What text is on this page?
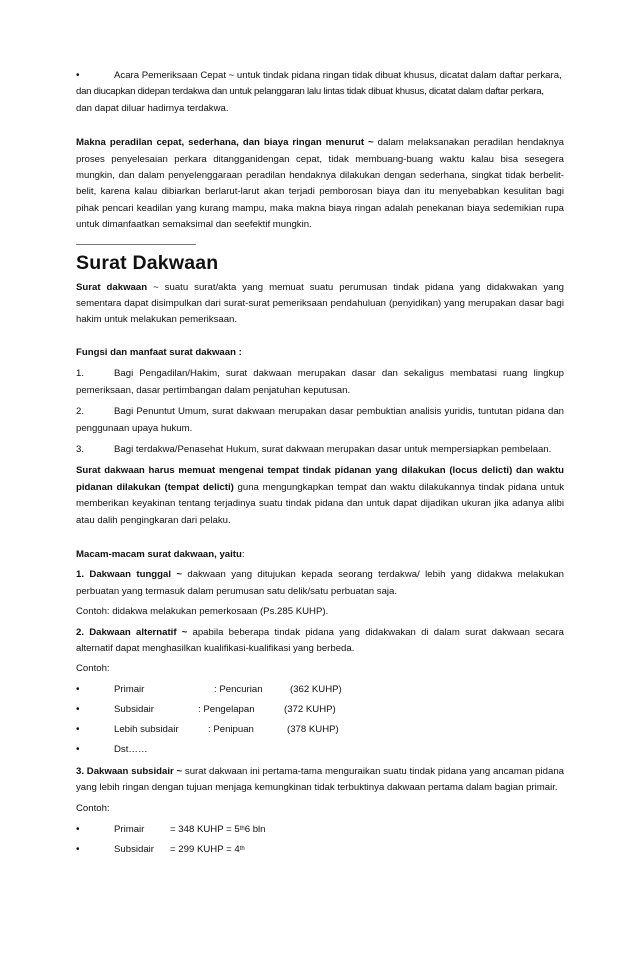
•
Acara Pemeriksaan Cepat ~ untuk tindak pidana ringan tidak dibuat khusus, dicatat dalam daftar perkara,

dan diucapkan didepan terdakwa dan untuk pelanggaran lalu lintas tidak dibuat khusus, dicatat dalam daftar perkara,

dan dapat diluar hadirnya terdakwa.

Makna peradilan cepat, sederhana, dan biaya ringan menurut ~ dalam melaksanakan peradilan hendaknya proses penyelesaian perkara ditangganidengan cepat, tidak membuang-buang waktu kalau bisa sesegera mungkin, dan dalam penyelenggaraan peradilan hendaknya dilakukan dengan sederhana, singkat tidak berbelit-belit, karena kalau dibiarkan berlarut-larut akan terjadi pemborosan biaya dan itu menyebabkan kesulitan bagi pihak pencari keadilan yang kurang mampu, maka makna biaya ringan adalah penekanan biaya sedemikian rupa untuk dimanfaatkan semaksimal dan seefektif mungkin.

Surat Dakwaan

Surat dakwaan ~ suatu surat/akta yang memuat suatu perumusan tindak pidana yang didakwakan yang sementara dapat disimpulkan dari surat-surat pemeriksaan pendahuluan (penyidikan) yang merupakan dasar bagi hakim untuk melakukan pemeriksaan.

Fungsi dan manfaat surat dakwaan :

1.	Bagi Pengadilan/Hakim, surat dakwaan merupakan dasar dan sekaligus membatasi ruang lingkup pemeriksaan, dasar pertimbangan dalam penjatuhan keputusan.

2.	Bagi Penuntut Umum, surat dakwaan merupakan dasar pembuktian analisis yuridis, tuntutan pidana dan penggunaan upaya hukum.

3.	Bagi terdakwa/Penasehat Hukum, surat dakwaan merupakan dasar untuk mempersiapkan pembelaan.

Surat dakwaan harus memuat mengenai tempat tindak pidanan yang dilakukan (locus delicti) dan waktu pidanan dilakukan (tempat delicti) guna mengungkapkan tempat dan waktu dilakukannya tindak pidana untuk memberikan keyakinan tentang terjadinya suatu tindak pidana dan untuk dapat dijadikan ukuran jika adanya alibi atau dalih pengingkaran dari pelaku.

Macam-macam surat dakwaan, yaitu:

1. Dakwaan tunggal ~ dakwaan yang ditujukan kepada seorang terdakwa/ lebih yang didakwa melakukan perbuatan yang termasuk dalam perumusan satu delik/satu perbuatan saja.

Contoh: didakwa melakukan pemerkosaan (Ps.285 KUHP).

2. Dakwaan alternatif ~ apabila beberapa tindak pidana yang didakwakan di dalam surat dakwaan secara alternatif dapat menghasilkan kualifikasi-kualifikasi yang berbeda.

Contoh:

•
Primair	: Pencurian	(362 KUHP)
•
Subsidair	: Pengelapan	(372 KUHP)
•
Lebih subsidair	: Penipuan	(378 KUHP)
•
Dst……

3. Dakwaan subsidair ~ surat dakwaan ini pertama-tama menguraikan suatu tindak pidana yang ancaman pidana yang lebih ringan dengan tujuan menjaga kemungkinan tidak terbuktinya dakwaan pertama dalam bagian primair.

Contoh:

•
Primair	= 348 KUHP = 5 th 6 bln
•
Subsidair	= 299 KUHP = 4 th
